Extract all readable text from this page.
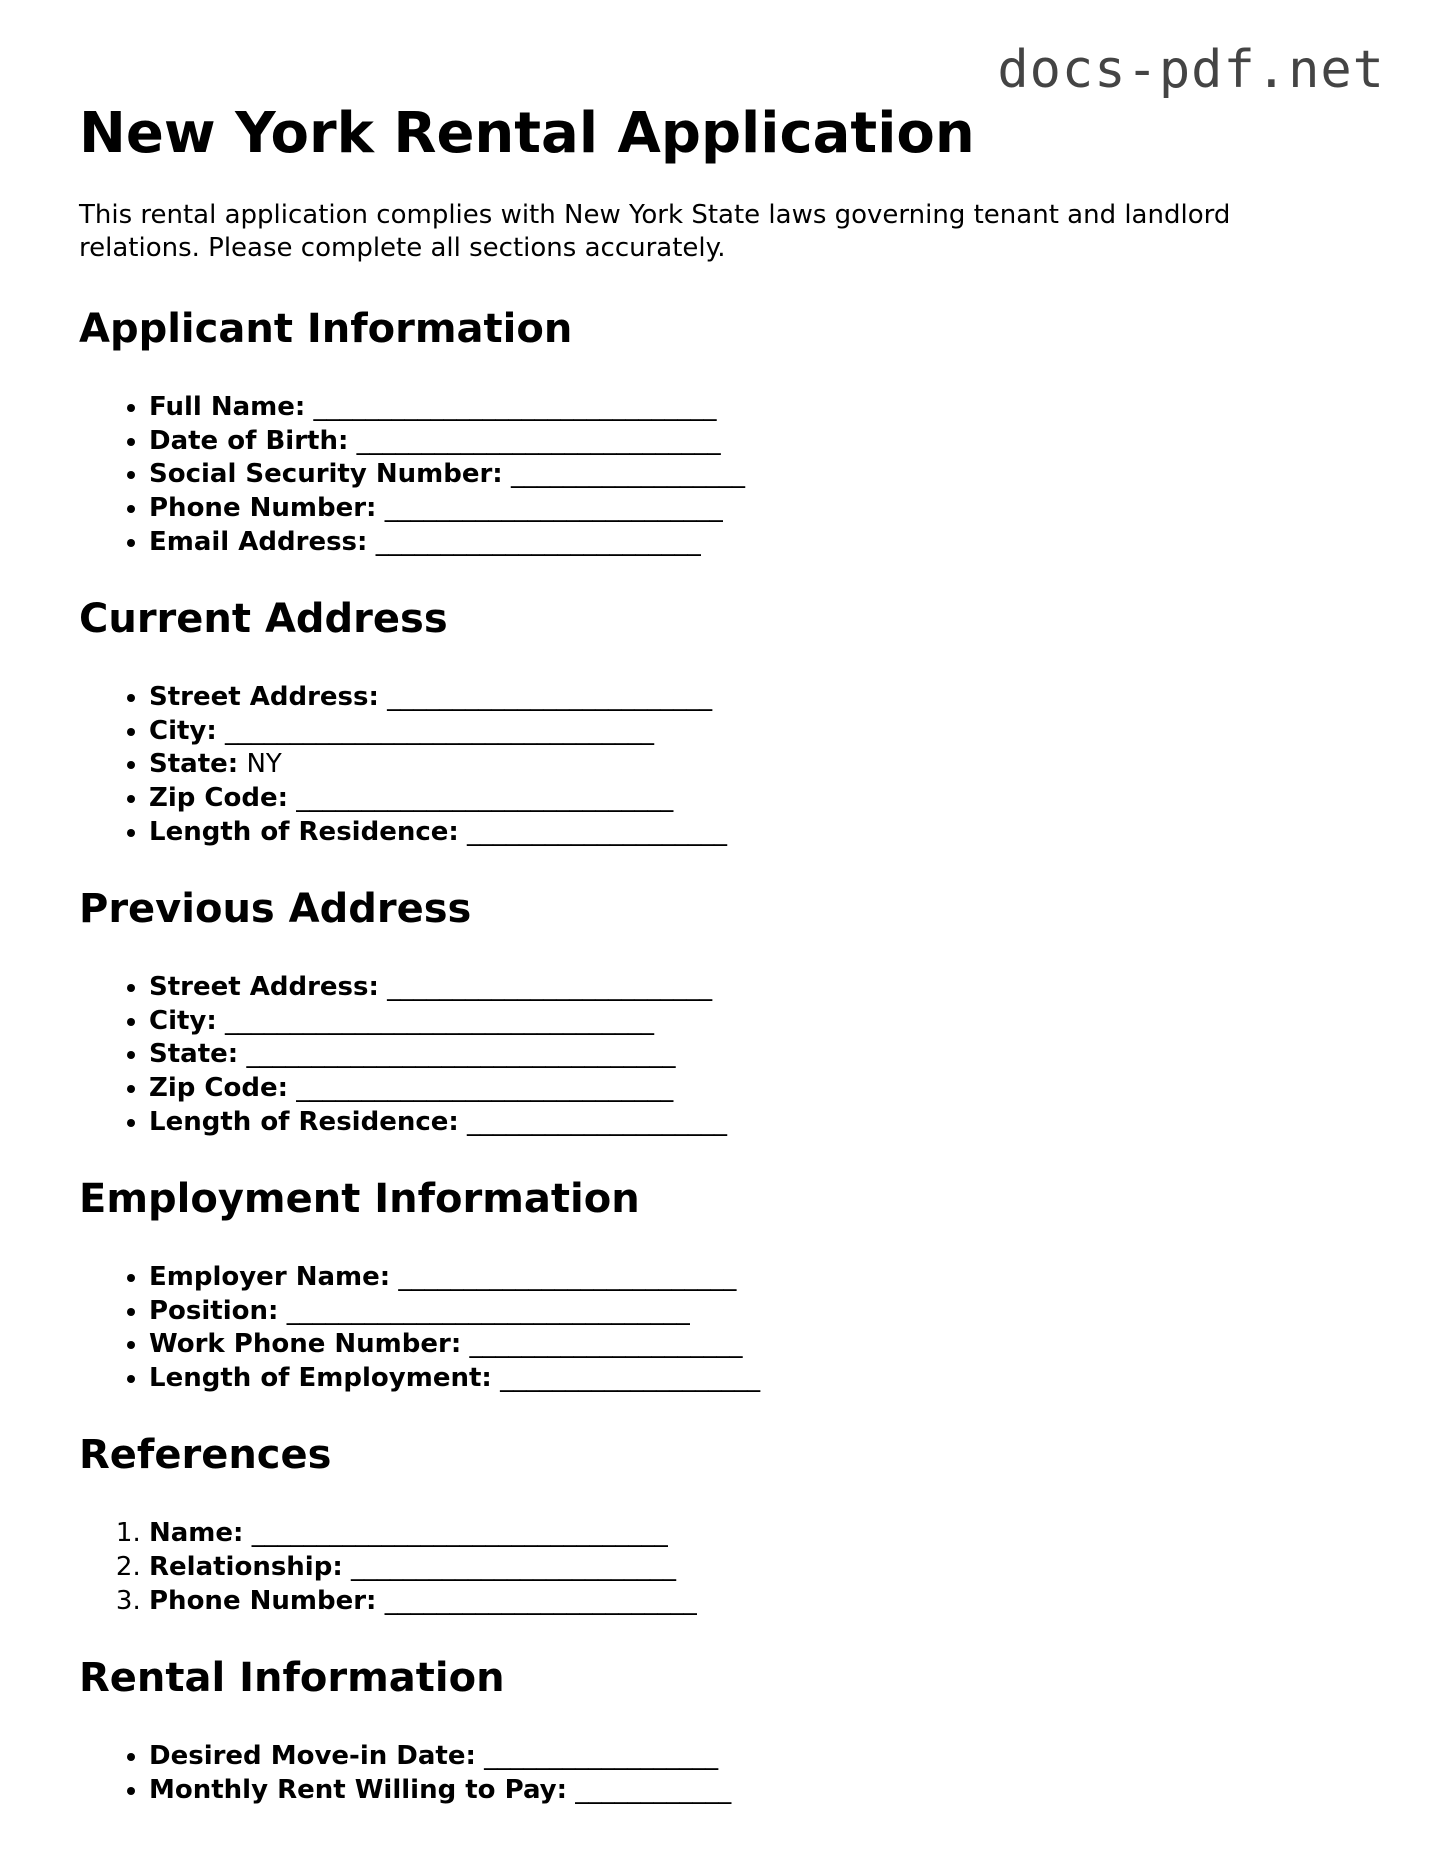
docs-pdf.net
New York Rental Application

This rental application complies with New York State laws governing tenant and landlord relations. Please complete all sections accurately.

Applicant Information
• Full Name: _______________________________
• Date of Birth: ____________________________
• Social Security Number: __________________
• Phone Number: __________________________
• Email Address: _________________________
Current Address
• Street Address: _________________________
• City: _________________________________
• State: NY
• Zip Code: _____________________________
• Length of Residence: ____________________
Previous Address
• Street Address: _________________________
• City: _________________________________
• State: _________________________________
• Zip Code: _____________________________
• Length of Residence: ____________________
Employment Information
• Employer Name: __________________________
• Position: _______________________________
• Work Phone Number: _____________________
• Length of Employment: ____________________
References
1. Name: ________________________________
2. Relationship: _________________________
3. Phone Number: ________________________
Rental Information
• Desired Move-in Date: __________________
• Monthly Rent Willing to Pay: ____________
